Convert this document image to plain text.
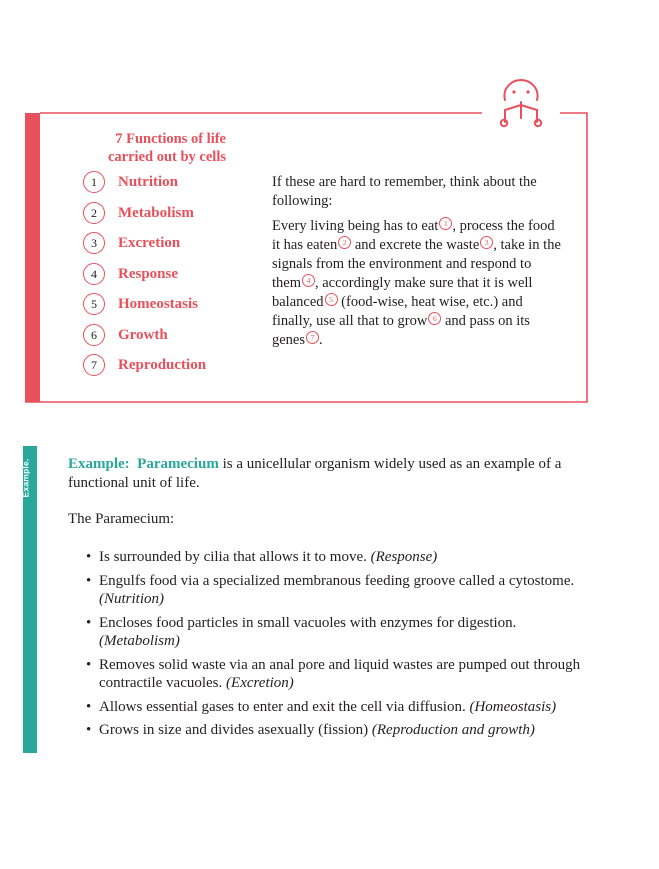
7 Functions of life carried out by cells
1	Nutrition
2	Metabolism
3	Excretion
4	Response
5	Homeostasis
6	Growth
7	Reproduction

If these are hard to remember, think about the following:

Every living being has to eat 1 , process the food it has eaten 2 and excrete the waste 3 , take in the signals from the environment and respond to them 4 , accordingly make sure that it is well balanced 5 (food-wise, heat wise, etc.) and finally, use all that to grow 6 and pass on its genes 7 .

Example.	Example: Paramecium is a unicellular organism widely used as an example of a functional unit of life.
The Paramecium:
• Is surrounded by cilia that allows it to move. (Response)
• Engulfs food via a specialized membranous feeding groove called a cytostome. (Nutrition)
• Encloses food particles in small vacuoles with enzymes for digestion. (Metabolism)
• Removes solid waste via an anal pore and liquid wastes are pumped out through contractile vacuoles. (Excretion)
• Allows essential gases to enter and exit the cell via diffusion. (Homeostasis)
• Grows in size and divides asexually (fission) (Reproduction and growth)
